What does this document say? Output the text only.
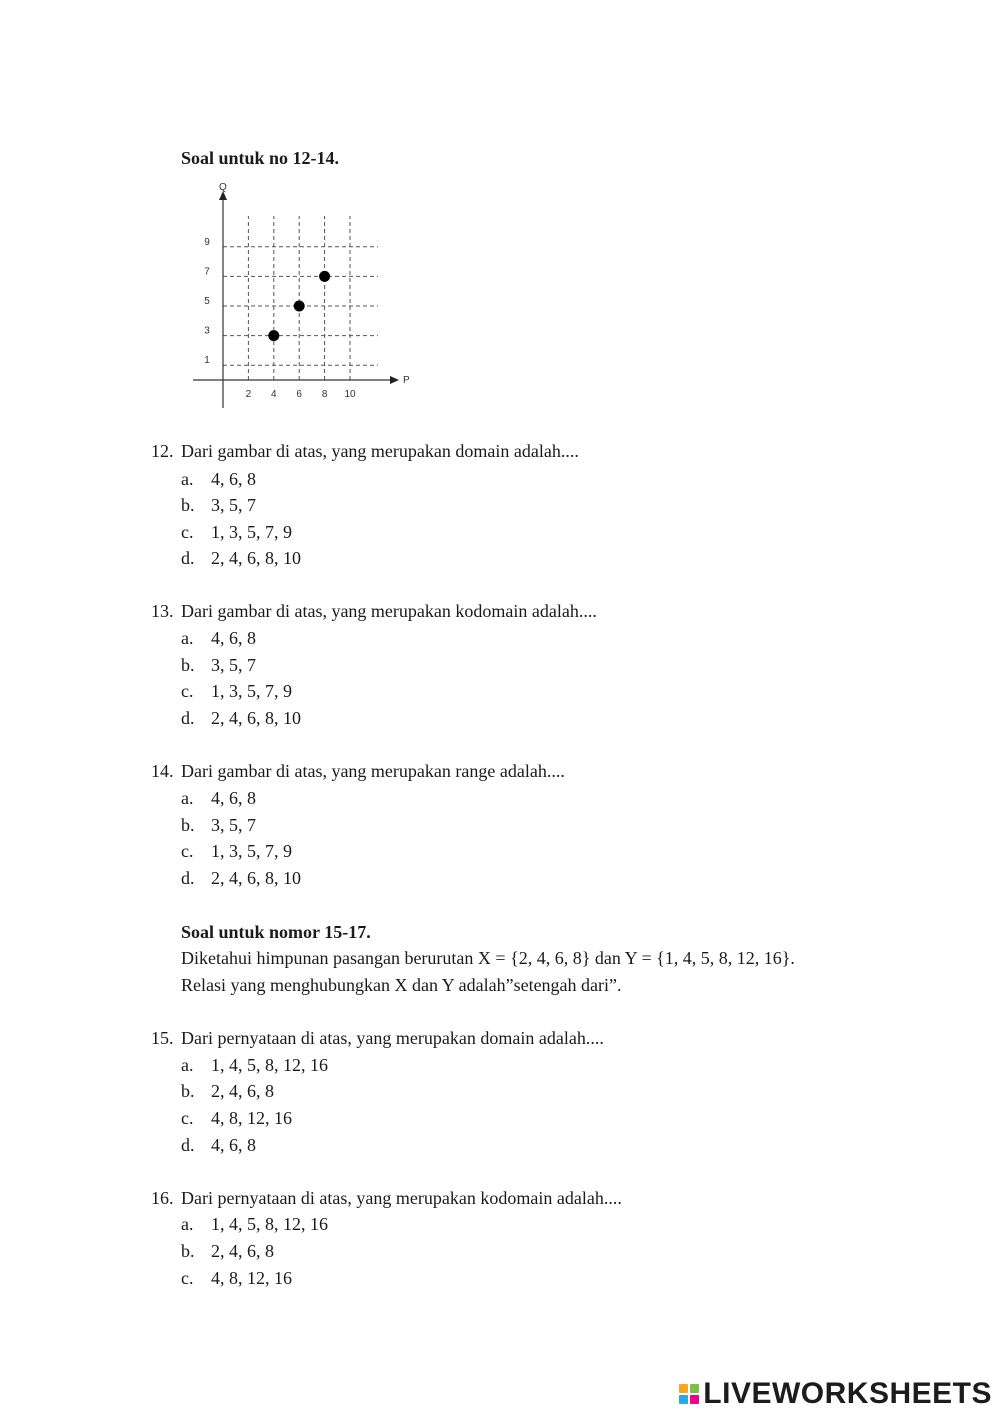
Soal untuk no 12-14.
P
Q
2 4 6 8 10
1
3
5
7
9
12. Dari gambar di atas, yang merupakan domain adalah....
a. 4, 6, 8
b. 3, 5, 7
c. 1, 3, 5, 7, 9
d. 2, 4, 6, 8, 10
13. Dari gambar di atas, yang merupakan kodomain adalah....
a. 4, 6, 8
b. 3, 5, 7
c. 1, 3, 5, 7, 9
d. 2, 4, 6, 8, 10
14. Dari gambar di atas, yang merupakan range adalah....
a. 4, 6, 8
b. 3, 5, 7
c. 1, 3, 5, 7, 9
d. 2, 4, 6, 8, 10
Soal untuk nomor 15-17.
Diketahui himpunan pasangan berurutan X = {2, 4, 6, 8} dan Y = {1, 4, 5, 8, 12, 16}.
Relasi yang menghubungkan X dan Y adalah”setengah dari”.
15. Dari pernyataan di atas, yang merupakan domain adalah....
a. 1, 4, 5, 8, 12, 16
b. 2, 4, 6, 8
c. 4, 8, 12, 16
d. 4, 6, 8
16. Dari pernyataan di atas, yang merupakan kodomain adalah....
a. 1, 4, 5, 8, 12, 16
b. 2, 4, 6, 8
c. 4, 8, 12, 16
LIVEWORKSHEETS
